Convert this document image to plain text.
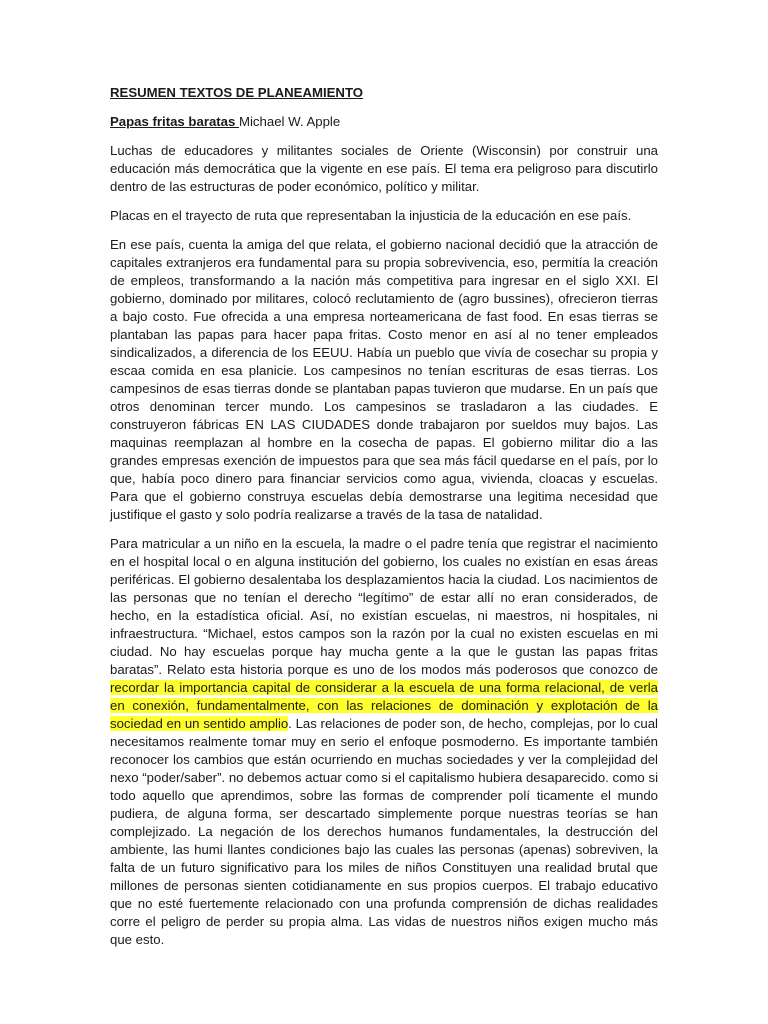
RESUMEN TEXTOS DE PLANEAMIENTO
Papas fritas baratas Michael W. Apple

Luchas de educadores y militantes sociales de Oriente (Wisconsin) por construir una educación más democrática que la vigente en ese país. El tema era peligroso para discutirlo dentro de las estructuras de poder económico, político y militar.

Placas en el trayecto de ruta que representaban la injusticia de la educación en ese país.

En ese país, cuenta la amiga del que relata, el gobierno nacional decidió que la atracción de capitales extranjeros era fundamental para su propia sobrevivencia, eso, permitía la creación de empleos, transformando a la nación más competitiva para ingresar en el siglo XXI. El gobierno, dominado por militares, colocó reclutamiento de (agro bussines), ofrecieron tierras a bajo costo. Fue ofrecida a una empresa norteamericana de fast food. En esas tierras se plantaban las papas para hacer papa fritas. Costo menor en así al no tener empleados sindicalizados, a diferencia de los EEUU. Había un pueblo que vivía de cosechar su propia y escaa comida en esa planicie. Los campesinos no tenían escrituras de esas tierras. Los campesinos de esas tierras donde se plantaban papas tuvieron que mudarse. En un país que otros denominan tercer mundo. Los campesinos se trasladaron a las ciudades. E construyeron fábricas EN LAS CIUDADES donde trabajaron por sueldos muy bajos. Las maquinas reemplazan al hombre en la cosecha de papas. El gobierno militar dio a las grandes empresas exención de impuestos para que sea más fácil quedarse en el país, por lo que, había poco dinero para financiar servicios como agua, vivienda, cloacas y escuelas. Para que el gobierno construya escuelas debía demostrarse una legitima necesidad que justifique el gasto y solo podría realizarse a través de la tasa de natalidad.

Para matricular a un niño en la escuela, la madre o el padre tenía que registrar el nacimiento en el hospital local o en alguna institución del gobierno, los cuales no existían en esas áreas periféricas. El gobierno desalentaba los desplazamientos hacia la ciudad. Los nacimientos de las personas que no tenían el derecho “legítimo” de estar allí no eran considerados, de hecho, en la estadística oficial. Así, no existían escuelas, ni maestros, ni hospitales, ni infraestructura. “Michael, estos campos son la razón por la cual no existen escuelas en mi ciudad. No hay escuelas porque hay mucha gente a la que le gustan las papas fritas baratas”. Relato esta historia porque es uno de los modos más poderosos que conozco de recordar la importancia capital de considerar a la escuela de una forma relacional, de verla en conexión, fundamentalmente, con las relaciones de dominación y explotación de la sociedad en un sentido amplio. Las relaciones de poder son, de hecho, complejas, por lo cual necesitamos realmente tomar muy en serio el enfoque posmoderno. Es importante también reconocer los cambios que están ocurriendo en muchas sociedades y ver la complejidad del nexo “poder/saber”. no debemos actuar como si el capitalismo hubiera desaparecido. como si todo aquello que aprendimos, sobre las formas de comprender polí ticamente el mundo pudiera, de alguna forma, ser descartado simplemente porque nuestras teorías se han complejizado. La negación de los derechos humanos fundamentales, la destrucción del ambiente, las humi llantes condiciones bajo las cuales las personas (apenas) sobreviven, la falta de un futuro significativo para los miles de niños Constituyen una realidad brutal que millones de personas sienten cotidianamente en sus propios cuerpos. El trabajo educativo que no esté fuertemente relacionado con una profunda comprensión de dichas realidades corre el peligro de perder su propia alma. Las vidas de nuestros niños exigen mucho más que esto.
